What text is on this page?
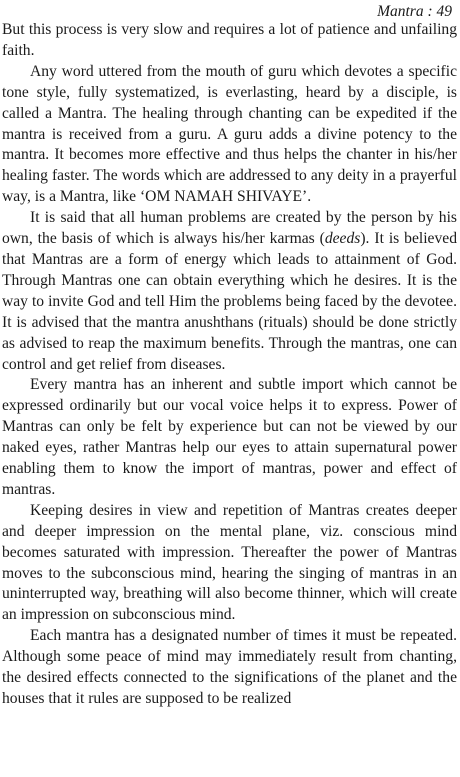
Mantra : 49

But this process is very slow and requires a lot of patience and unfailing faith.

Any word uttered from the mouth of guru which devotes a specific tone style, fully systematized, is everlasting, heard by a disciple, is called a Mantra. The healing through chanting can be expedited if the mantra is received from a guru. A guru adds a divine potency to the mantra. It becomes more effective and thus helps the chanter in his/her healing faster. The words which are addressed to any deity in a prayerful way, is a Mantra, like ‘OM NAMAH SHIVAYE’.

It is said that all human problems are created by the person by his own, the basis of which is always his/her karmas (deeds). It is believed that Mantras are a form of energy which leads to attainment of God. Through Mantras one can obtain everything which he desires. It is the way to invite God and tell Him the problems being faced by the devotee. It is advised that the mantra anushthans (rituals) should be done strictly as advised to reap the maximum benefits. Through the mantras, one can control and get relief from diseases.

Every mantra has an inherent and subtle import which cannot be expressed ordinarily but our vocal voice helps it to express. Power of Mantras can only be felt by experience but can not be viewed by our naked eyes, rather Mantras help our eyes to attain supernatural power enabling them to know the import of mantras, power and effect of mantras.

Keeping desires in view and repetition of Mantras creates deeper and deeper impression on the mental plane, viz. conscious mind becomes saturated with impression. Thereafter the power of Mantras moves to the subconscious mind, hearing the singing of mantras in an uninterrupted way, breathing will also become thinner, which will create an impression on subconscious mind.

Each mantra has a designated number of times it must be repeated. Although some peace of mind may immediately result from chanting, the desired effects connected to the significations of the planet and the houses that it rules are supposed to be realized
